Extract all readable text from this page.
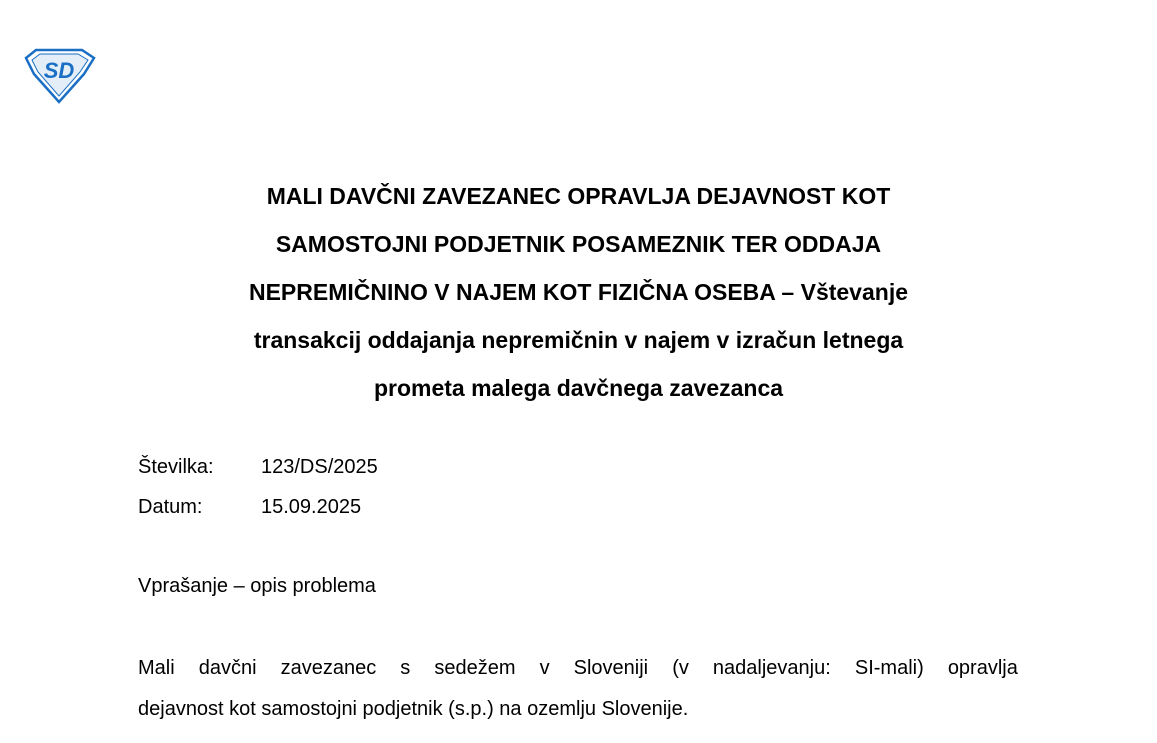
SD
MALI DAVČNI ZAVEZANEC OPRAVLJA DEJAVNOST KOT
SAMOSTOJNI PODJETNIK POSAMEZNIK TER ODDAJA
NEPREMIČNINO V NAJEM KOT FIZIČNA OSEBA – Vštevanje
transakcij oddajanja nepremičnin v najem v izračun letnega
prometa malega davčnega zavezanca
Številka: 123/DS/2025
Datum:	15.09.2025
Vprašanje – opis problema
Mali davčni zavezanec s sedežem v Sloveniji (v nadaljevanju: SI-mali) opravlja
dejavnost kot samostojni podjetnik (s.p.) na ozemlju Slovenije.
